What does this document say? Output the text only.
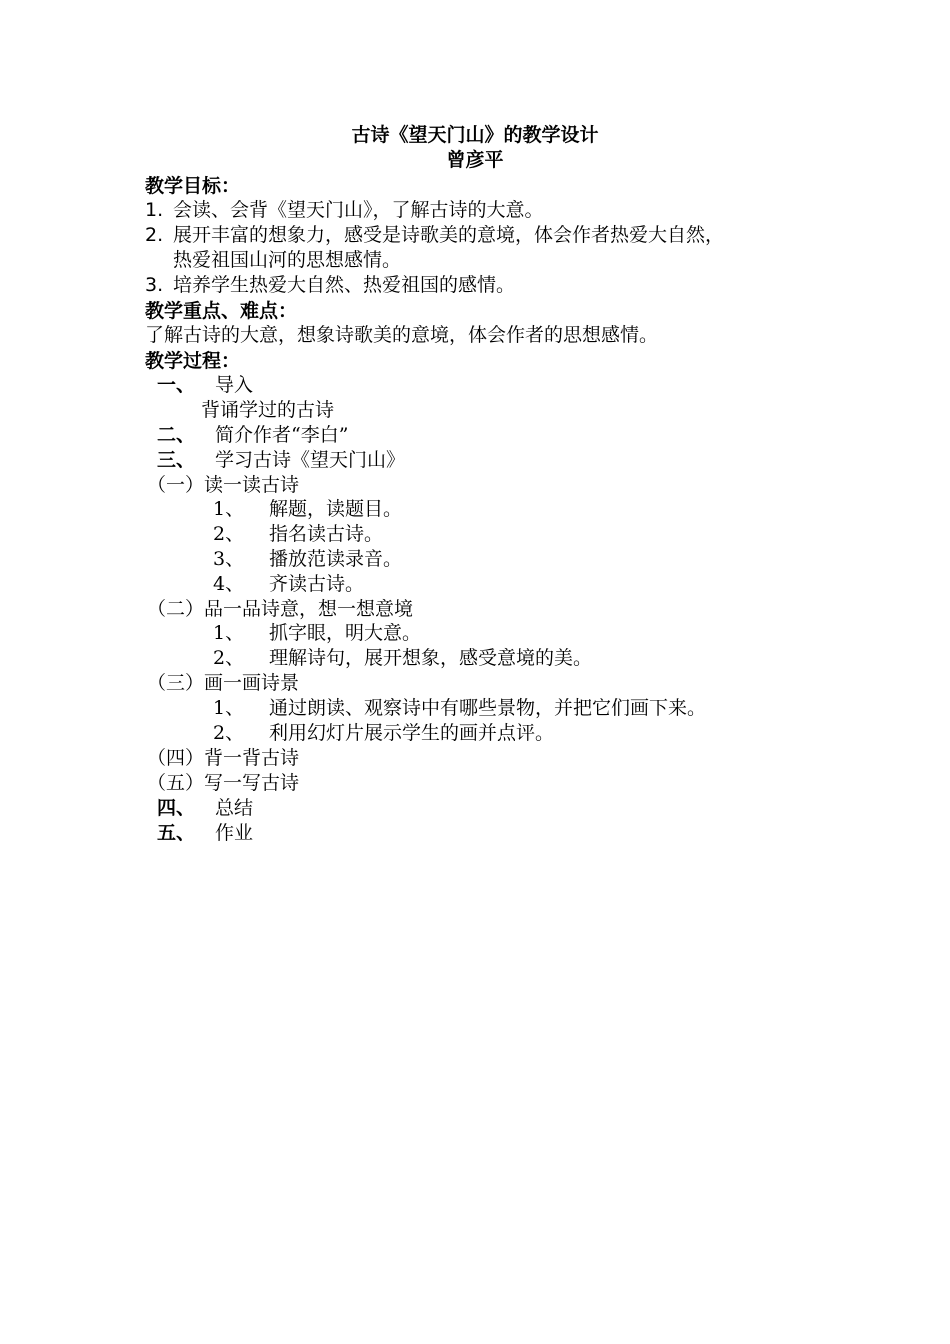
古诗《望天门山》的教学设计
曾彦平
教学目标：
1. 会读、会背《望天门山》，了解古诗的大意。
2. 展开丰富的想象力，感受是诗歌美的意境，体会作者热爱大自然，
热爱祖国山河的思想感情。
3. 培养学生热爱大自然、热爱祖国的感情。
教学重点、难点：
了解古诗的大意，想象诗歌美的意境，体会作者的思想感情。
教学过程：
一、 导入
背诵学过的古诗
二、 简介作者“李白”
三、 学习古诗《望天门山》
（一）读一读古诗
1、 解题，读题目。
2、 指名读古诗。
3、 播放范读录音。
4、 齐读古诗。
（二）品一品诗意，想一想意境
1、 抓字眼，明大意。
2、 理解诗句，展开想象，感受意境的美。
（三）画一画诗景
1、 通过朗读、观察诗中有哪些景物，并把它们画下来。
2、 利用幻灯片展示学生的画并点评。
（四）背一背古诗
（五）写一写古诗
四、 总结
五、 作业
